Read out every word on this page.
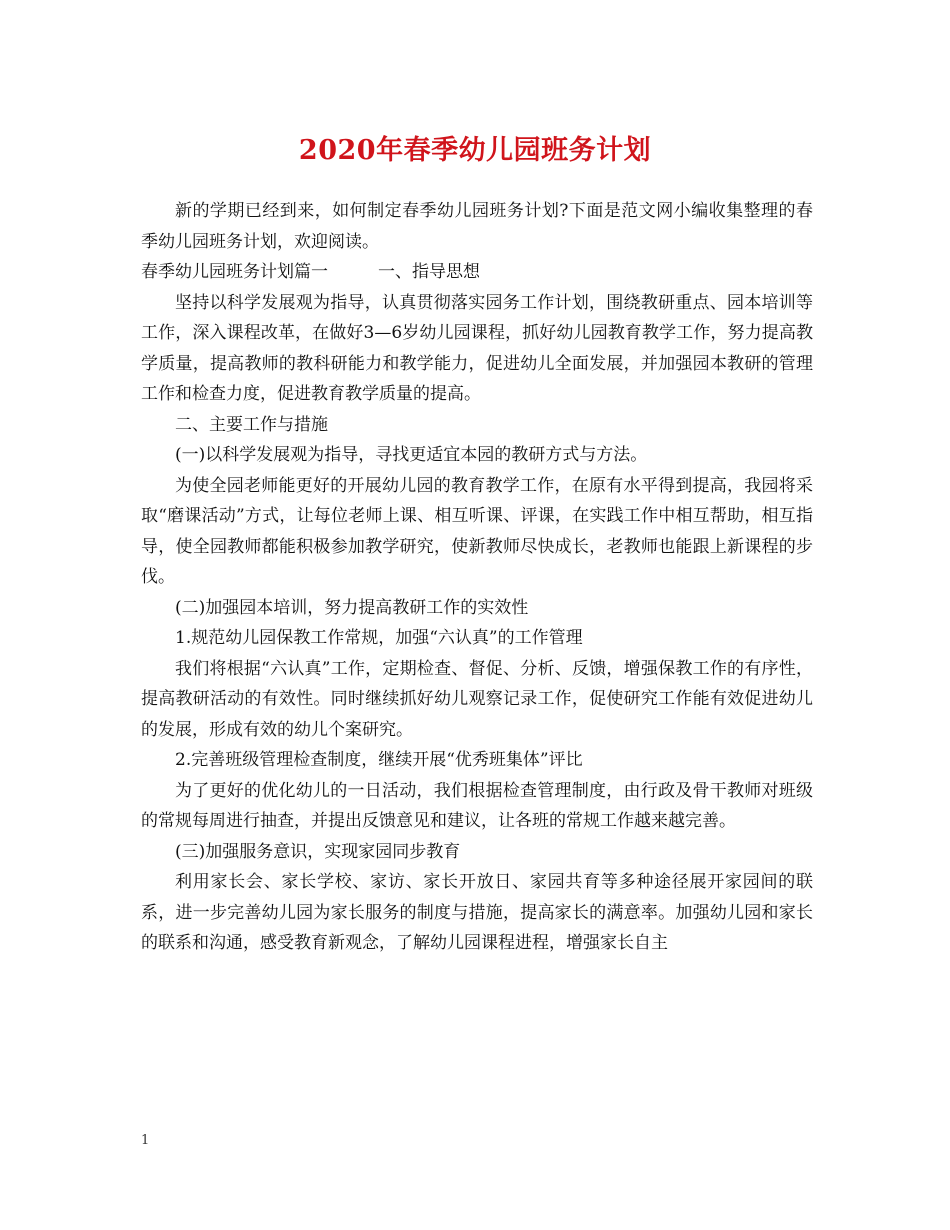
2020年春季幼儿园班务计划

新的学期已经到来，如何制定春季幼儿园班务计划?下面是范文网小编收集整理的春季幼儿园班务计划，欢迎阅读。

春季幼儿园班务计划篇一	一、指导思想

坚持以科学发展观为指导，认真贯彻落实园务工作计划，围绕教研重点、园本培训等工作，深入课程改革，在做好3—6岁幼儿园课程，抓好幼儿园教育教学工作，努力提高教学质量，提高教师的教科研能力和教学能力，促进幼儿全面发展，并加强园本教研的管理工作和检查力度，促进教育教学质量的提高。

二、主要工作与措施

(一)以科学发展观为指导，寻找更适宜本园的教研方式与方法。

为使全园老师能更好的开展幼儿园的教育教学工作，在原有水平得到提高，我园将采取“磨课活动”方式，让每位老师上课、相互听课、评课，在实践工作中相互帮助，相互指导，使全园教师都能积极参加教学研究，使新教师尽快成长，老教师也能跟上新课程的步伐。

(二)加强园本培训，努力提高教研工作的实效性

1.规范幼儿园保教工作常规，加强“六认真”的工作管理

我们将根据“六认真”工作，定期检查、督促、分析、反馈，增强保教工作的有序性，提高教研活动的有效性。同时继续抓好幼儿观察记录工作，促使研究工作能有效促进幼儿的发展，形成有效的幼儿个案研究。

2.完善班级管理检查制度，继续开展“优秀班集体”评比

为了更好的优化幼儿的一日活动，我们根据检查管理制度，由行政及骨干教师对班级的常规每周进行抽查，并提出反馈意见和建议，让各班的常规工作越来越完善。

(三)加强服务意识，实现家园同步教育

利用家长会、家长学校、家访、家长开放日、家园共育等多种途径展开家园间的联系，进一步完善幼儿园为家长服务的制度与措施，提高家长的满意率。加强幼儿园和家长的联系和沟通，感受教育新观念，了解幼儿园课程进程，增强家长自主

1
